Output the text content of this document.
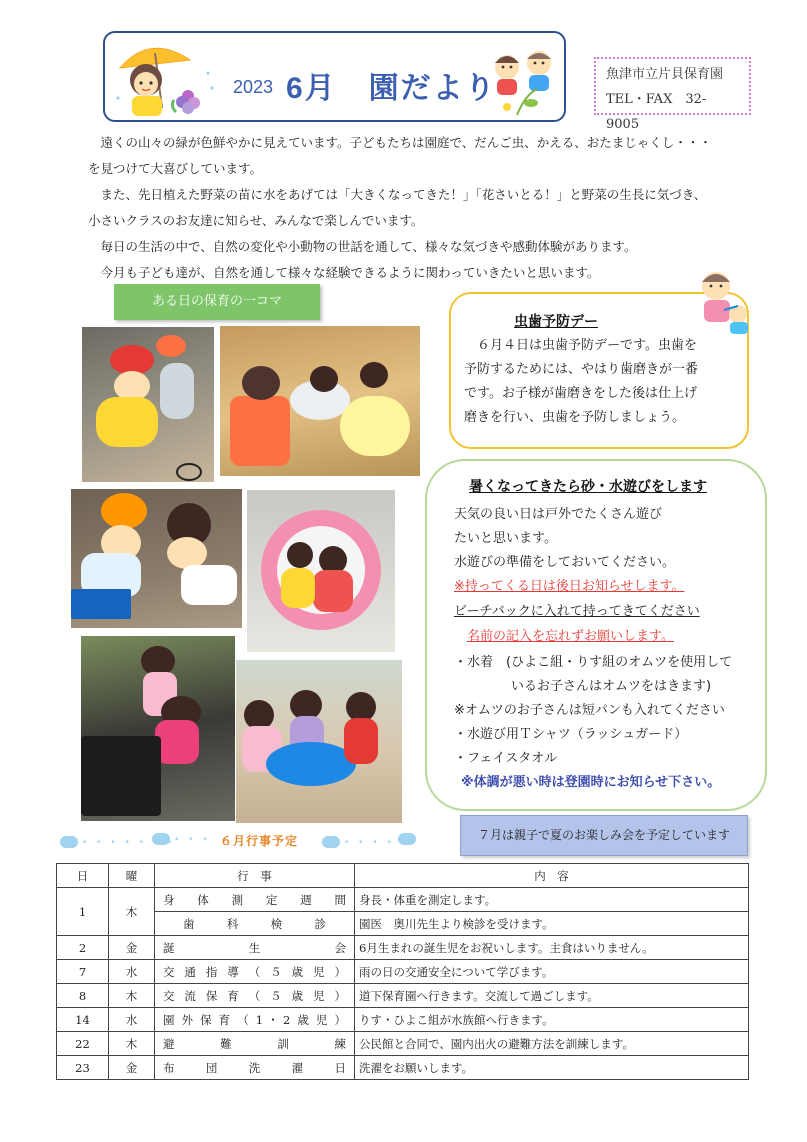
2023 6月　園だより	魚津市立片貝保育園
TEL・FAX　32-9005

　遠くの山々の緑が色鮮やかに見えています。子どもたちは園庭で、だんご虫、かえる、おたまじゃくし・・・

を見つけて大喜びしています。

　また、先日植えた野菜の苗に水をあげては「大きくなってきた！」「花さいとる！」と野菜の生長に気づき、

小さいクラスのお友達に知らせ、みんなで楽しんでいます。

　毎日の生活の中で、自然の変化や小動物の世話を通して、様々な気づきや感動体験があります。

　今月も子ども達が、自然を通して様々な経験できるように関わっていきたいと思います。

ある日の保育の一コマ
虫歯予防デー
　６月４日は虫歯予防デーです。虫歯を
予防するためには、やはり歯磨きが一番
です。お子様が歯磨きをした後は仕上げ
磨きを行い、虫歯を予防しましょう。
暑くなってきたら砂・水遊びをします
天気の良い日は戸外でたくさん遊び
たいと思います。
水遊びの準備をしておいてください。
※持ってくる日は後日お知らせします。
ビーチバックに入れて持ってきてください
名前の記入を忘れずお願いします。
・水着　(ひよこ組・りす組のオムツを使用して
いるお子さんはオムツをはきます)
※オムツのお子さんは短パンも入れてください
・水遊び用Ｔシャツ（ラッシュガード）
・フェイスタオル
※体調が悪い時は登園時にお知らせ下さい。
７月は親子で夏のお楽しみ会を予定しています
• • • • • • •
• • •	• • • • •
６月行事予定
日	曜	行　事	内　容
1	木	身体測定週間	身長・体重を測定します。

		歯科検診	園医　奥川先生より検診を受けます。
2	金	誕生会	6月生まれの誕生児をお祝いします。主食はいりません。
7	水	交通指導（５歳児）	雨の日の交通安全について学びます。
8	木	交流保育（５歳児）	道下保育園へ行きます。交流して過ごします。
14	水	園外保育（1･2歳児）	りす・ひよこ組が水族館へ行きます。
22	木	避難訓練	公民館と合同で、園内出火の避難方法を訓練します。
23	金	布団洗濯日	洗濯をお願いします。
